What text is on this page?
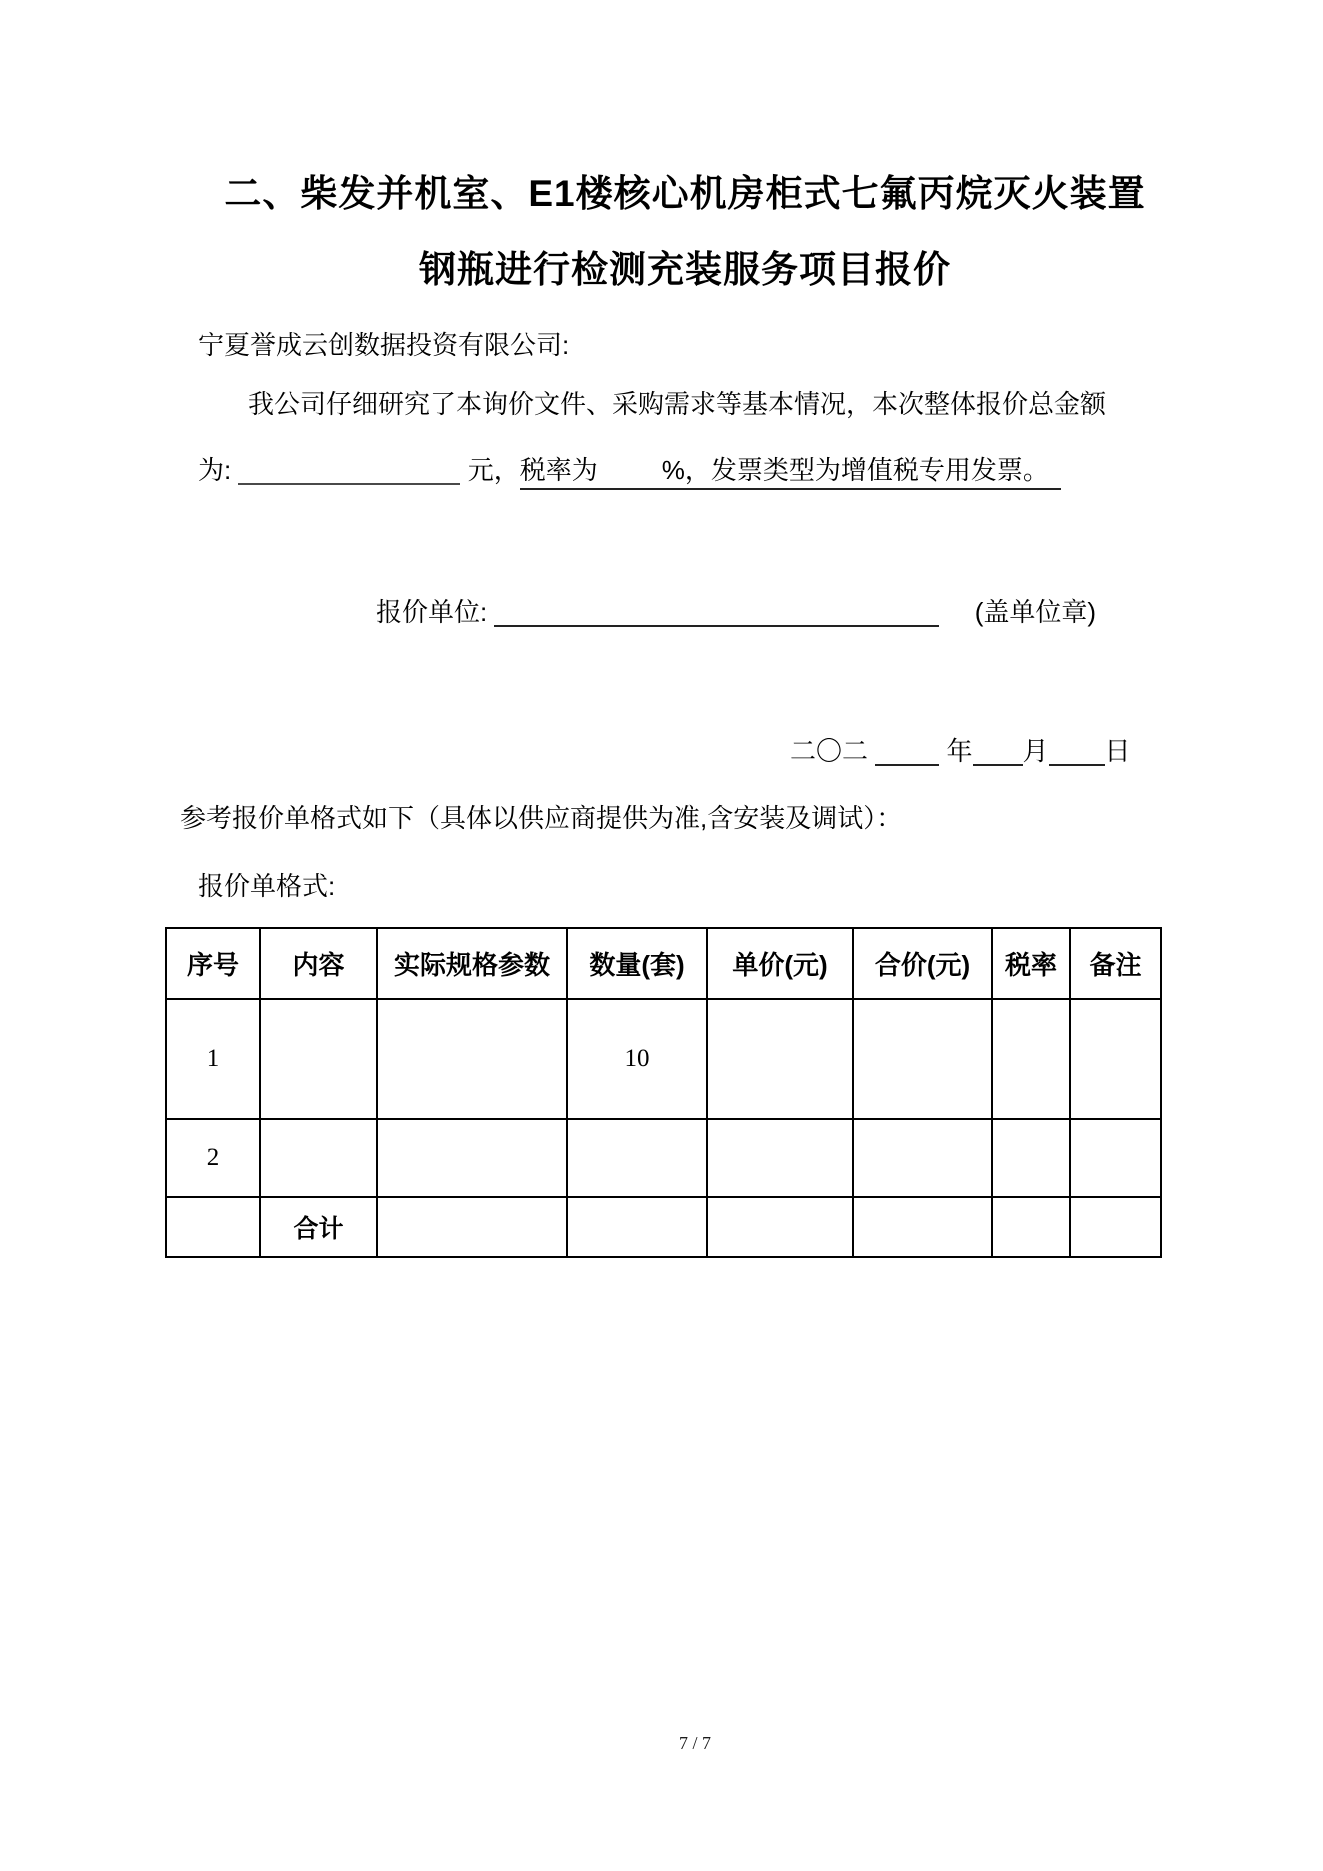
二、柴发并机室、E1楼核心机房柜式七氟丙烷灭火装置
钢瓶进行检测充装服务项目报价
宁夏誉成云创数据投资有限公司:
我公司仔细研究了本询价文件、采购需求等基本情况，本次整体报价总金额
为:	元，税率为 %，发票类型为增值税专用发票。
报价单位:	(盖单位章)
二〇二	年 月 日
参考报价单格式如下（具体以供应商提供为准,含安装及调试）：
报价单格式:
序号	内容	实际规格参数	数量(套)	单价(元)	合价(元)	税率	备注
1			10				
2							
	合计						
7 / 7
